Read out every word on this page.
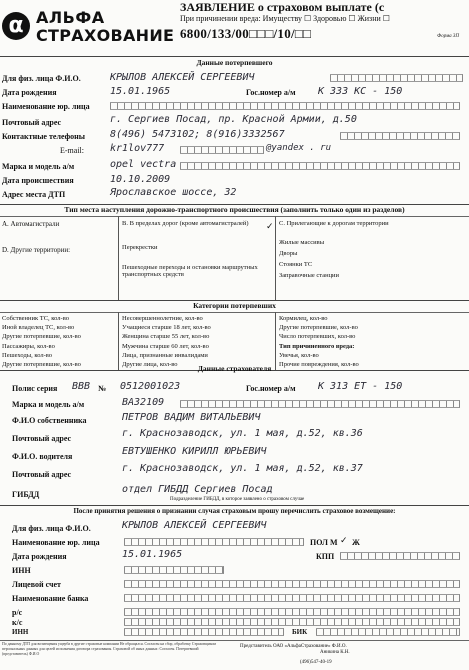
α АЛЬФА
СТРАХОВАНИЕ
ЗАЯВЛЕНИЕ о страховом выплате (с
При причинении вреда: Имуществу ☐ Здоровью ☐ Жизни ☐
6800/133/00□□□/10/□□	Форма 3П
Данные потерпевшего
Для физ. лица Ф.И.О.	КРЫЛОВ АЛЕКСЕЙ СЕРГЕЕВИЧ
Дата рождения	15.01.1965	Гос.номер а/м К 333 КС - 150
Наименование юр. лица
Почтовый адрес	г. Сергиев Посад, пр. Красной Армии, д.50
Контактные телефоны	8(496) 5473102; 8(916)3332567
E-mail:	kr1lov777	@yandex . ru
Марка и модель а/м	opel vectra
Дата происшествия	10.10.2009
Адрес места ДТП	Ярославское шоссе, 32
Тип места наступления дорожно-транспортного происшествия (заполнить только один из разделов)
А. Автомагистрали
D. Другие территории:
B. В пределах дорог (кроме автомагистралей)	✓
Перекрестки
Пешеходные переходы и остановки маршрутных транспортных средств
C. Прилегающие к дорогам территории
Жилые массивы
Дворы
Стоянки ТС
Заправочные станции
Категории потерпевших
Собственник ТС, кол-во
Иной владелец ТС, кол-во
Другие потерпевшие, кол-во
Пассажиры, кол-во
Пешеходы, кол-во
Другие потерпевшие, кол-во
Несовершеннолетние, кол-во
Учащиеся старше 18 лет, кол-во
Женщина старше 55 лет, кол-во
Мужчина старше 60 лет, кол-во
Лица, признанные инвалидами
Другие лица, кол-во
Кормилец, кол-во
Другие потерпевшие, кол-во
Число потерпевших, кол-во
Тип причиненного вреда:
Увечья, кол-во
Прочие повреждения, кол-во
Данные страхователя
Полис серия ВВВ № 0512001023	Гос.номер а/м К 313 ЕТ - 150
Марка и модель а/м	ВАЗ2109
Ф.И.О собственника	ПЕТРОВ ВАДИМ ВИТАЛЬЕВИЧ
Почтовый адрес	г. Краснозаводск, ул. 1 мая, д.52, кв.36
Ф.И.О. водителя	ЕВТУШЕНКО КИРИЛЛ ЮРЬЕВИЧ
Почтовый адрес
г. Краснозаводск, ул. 1 мая, д.52, кв.37
ГИБДД	отдел ГИБДД Сергиев Посад
Подразделение ГИБДД, в которое заявлено о страховом случае
После принятия решения о признании случая страховым прошу перечислить страховое возмещение:
Для физ. лица Ф.И.О.	КРЫЛОВ АЛЕКСЕЙ СЕРГЕЕВИЧ
Наименование юр. лица	ПОЛ М ✓ Ж
Дата рождения	15.01.1965	КПП
ИНН
Лицевой счет
Наименование банка
р/с
к/с
ИНН	БИК
По данному ДТП для возмещения ущерба в другие страховые компании Не обращался. Согласен на сбор, обработку Страховщиком персональных данных для целей исполнения договора страхования. Страховой об иных данных: Согласен. Потерпевший (представитель) Ф.И.О
Представитель ОАО «АльфаСтрахование» Ф.И.О.
Аникина К.Н.
(496)547-40-19
